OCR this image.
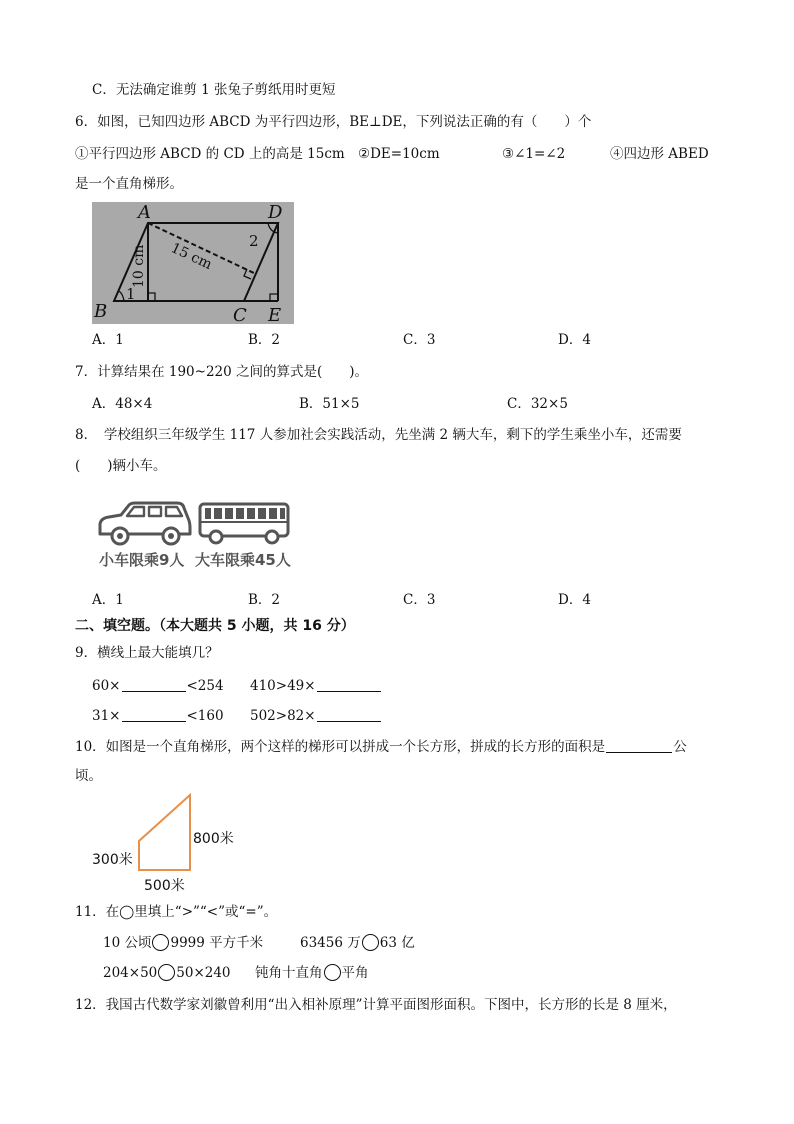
C．无法确定谁剪 1 张兔子剪纸用时更短
6．如图，已知四边形 ABCD 为平行四边形，BE⊥DE，下列说法正确的有（　　）个
①平行四边形 ABCD 的 CD 上的高是 15cm ②DE=10cm	③∠1=∠2	④四边形 ABED
是一个直角梯形。
A	D
B	C E
1
2
10 cm 15 cm
A．1	B．2	C．3	D．4
7．计算结果在 190~220 之间的算式是(　　)。
A．48×4	B．51×5	C．32×5
8．　学校组织三年级学生 117 人参加社会实践活动，先坐满 2 辆大车，剩下的学生乘坐小车，还需要
(　　)辆小车。
小车限乘9人 大车限乘45人
A．1	B．2	C．3	D．4
二、填空题。（本大题共 5 小题，共 16 分）
9．横线上最大能填几？
60×	<254 410>49×
31×	<160 502>82×
10．如图是一个直角梯形，两个这样的梯形可以拼成一个长方形，拼成的长方形的面积是	公
顷。
300米
800米
500米
11．在◯里填上“>”“<”或“=”。
10 公顷 9999 平方千米	63456 万 63 亿
204×50 50×240 钝角十直角 平角
12．我国古代数学家刘徽曾利用“出入相补原理”计算平面图形面积。下图中，长方形的长是 8 厘米，
